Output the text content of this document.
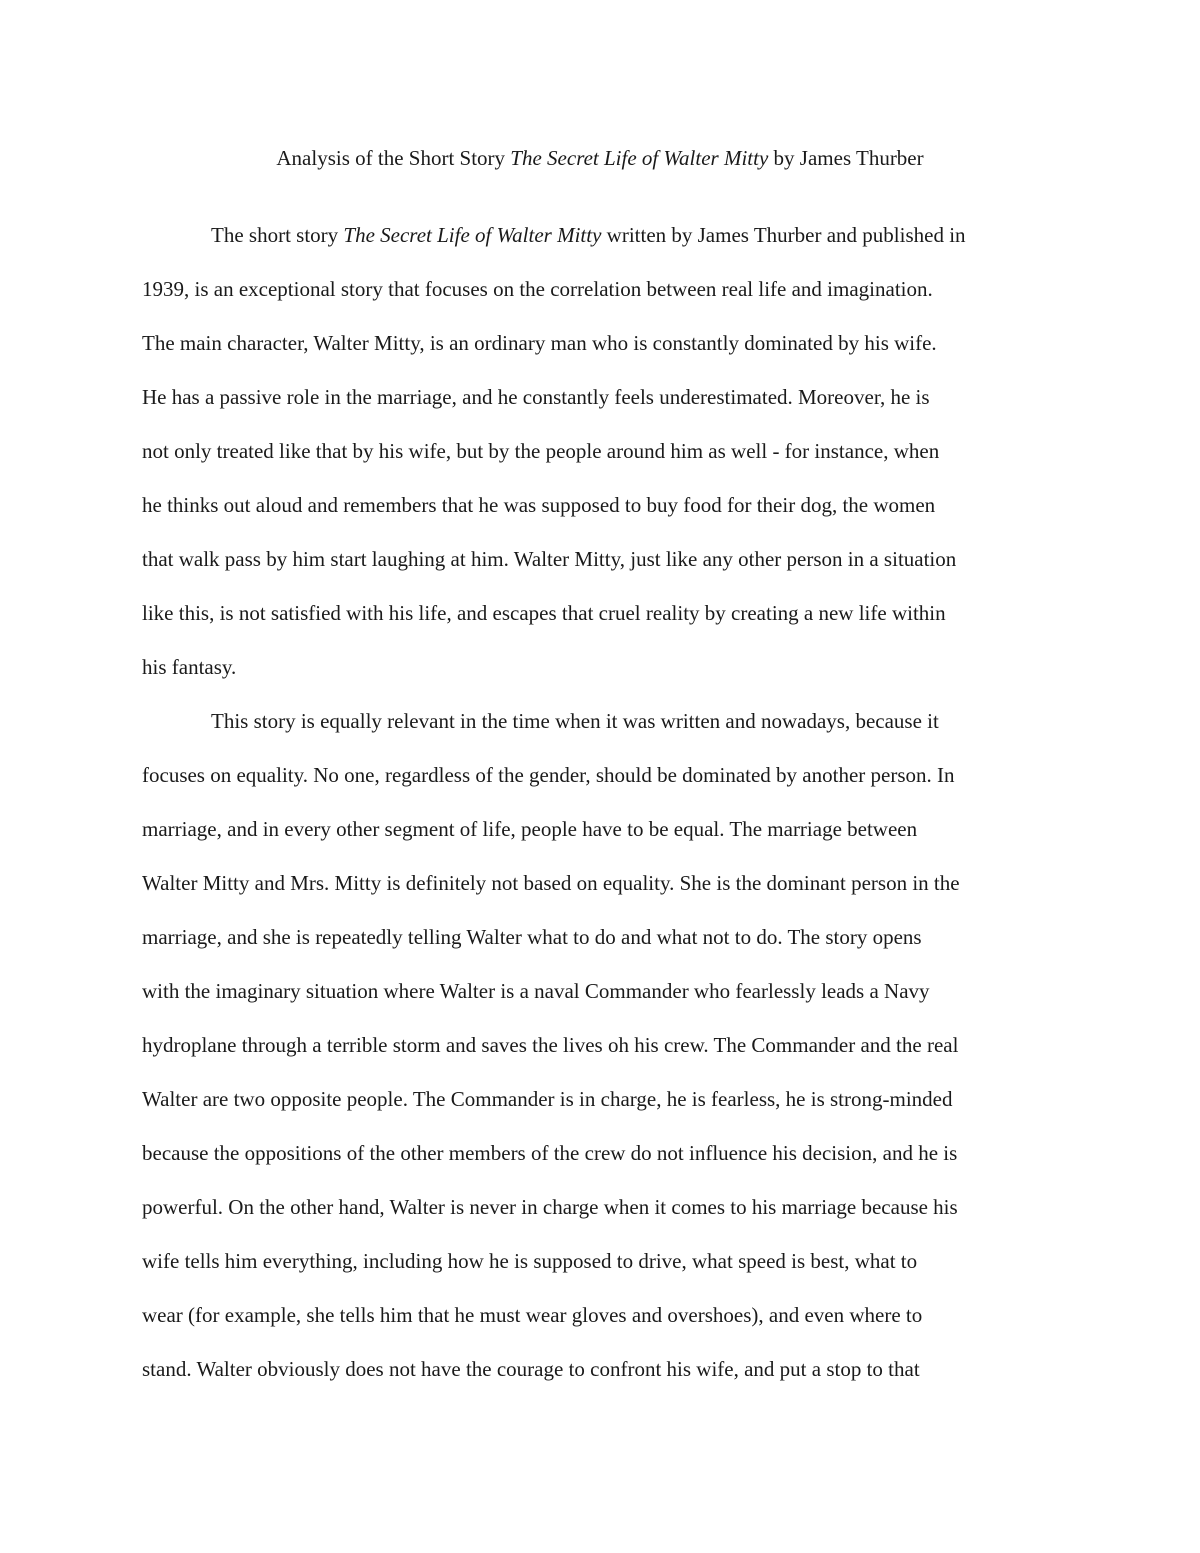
Analysis of the Short Story The Secret Life of Walter Mitty by James Thurber
The short story The Secret Life of Walter Mitty written by James Thurber and published in
1939, is an exceptional story that focuses on the correlation between real life and imagination.
The main character, Walter Mitty, is an ordinary man who is constantly dominated by his wife.
He has a passive role in the marriage, and he constantly feels underestimated. Moreover, he is
not only treated like that by his wife, but by the people around him as well - for instance, when
he thinks out aloud and remembers that he was supposed to buy food for their dog, the women
that walk pass by him start laughing at him. Walter Mitty, just like any other person in a situation
like this, is not satisfied with his life, and escapes that cruel reality by creating a new life within
his fantasy.
This story is equally relevant in the time when it was written and nowadays, because it
focuses on equality. No one, regardless of the gender, should be dominated by another person. In
marriage, and in every other segment of life, people have to be equal. The marriage between
Walter Mitty and Mrs. Mitty is definitely not based on equality. She is the dominant person in the
marriage, and she is repeatedly telling Walter what to do and what not to do. The story opens
with the imaginary situation where Walter is a naval Commander who fearlessly leads a Navy
hydroplane through a terrible storm and saves the lives oh his crew. The Commander and the real
Walter are two opposite people. The Commander is in charge, he is fearless, he is strong-minded
because the oppositions of the other members of the crew do not influence his decision, and he is
powerful. On the other hand, Walter is never in charge when it comes to his marriage because his
wife tells him everything, including how he is supposed to drive, what speed is best, what to
wear (for example, she tells him that he must wear gloves and overshoes), and even where to
stand. Walter obviously does not have the courage to confront his wife, and put a stop to that
